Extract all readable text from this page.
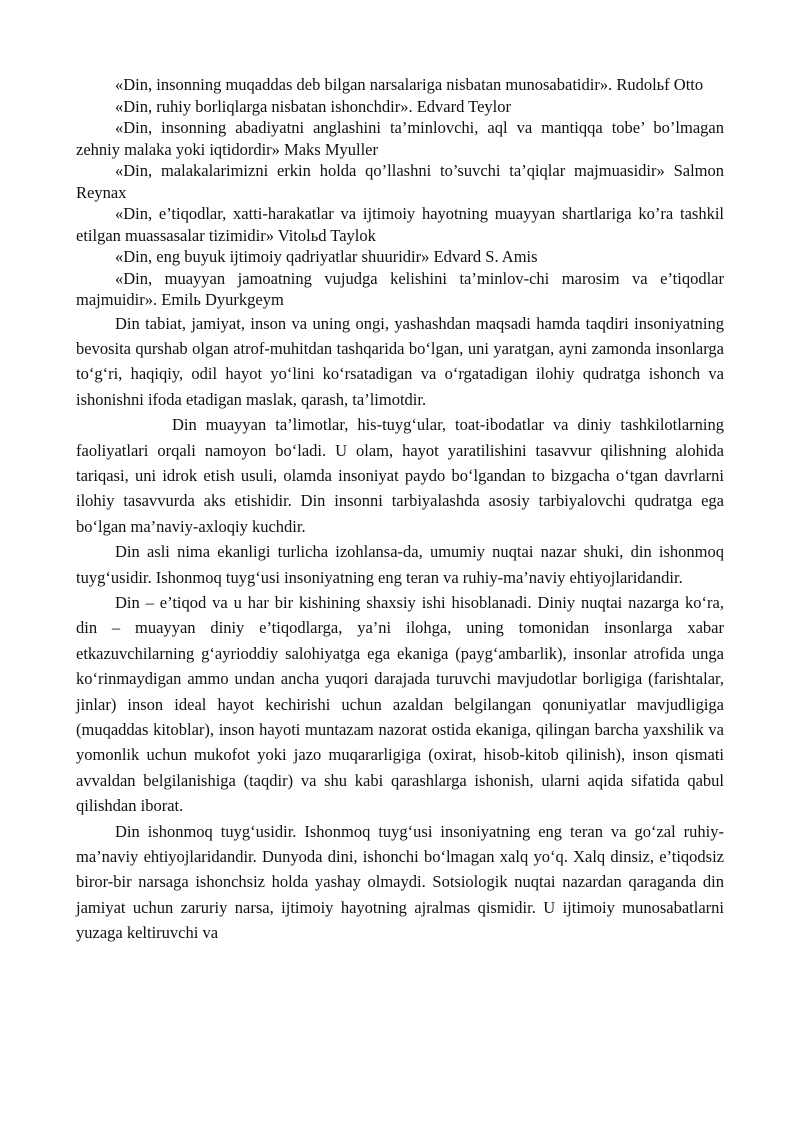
«Din, insonning muqaddas deb bilgan narsalariga nisbatan munosabatidir». Rudolьf Otto

«Din, ruhiy borliqlarga nisbatan ishonchdir». Edvard Teylor

«Din, insonning abadiyatni anglashini ta’minlovchi, aql va mantiqqa tobe’ bo’lmagan zehniy malaka yoki iqtidordir» Maks Myuller

«Din, malakalarimizni erkin holda qo’llashni to’suvchi ta’qiqlar majmuasidir» Salmon Reynax

«Din, e’tiqodlar, xatti-harakatlar va ijtimoiy hayotning muayyan shartlariga ko’ra tashkil etilgan muassasalar tizimidir» Vitolьd Taylok

«Din, eng buyuk ijtimoiy qadriyatlar shuuridir» Edvard S. Amis

«Din, muayyan jamoatning vujudga kelishini ta’minlov-chi marosim va e’tiqodlar majmuidir». Emilь Dyurkgeym

Din tabiat, jamiyat, inson va uning ongi, yashashdan maqsadi hamda taqdiri insoniyatning bevosita qurshab olgan atrof-muhitdan tashqarida bo‘lgan, uni yaratgan, ayni zamonda insonlarga to‘g‘ri, haqiqiy, odil hayot yo‘lini ko‘rsatadigan va o‘rgatadigan ilohiy qudratga ishonch va ishonishni ifoda etadigan maslak, qarash, ta’limotdir.

Din muayyan ta’limotlar, his-tuyg‘ular, toat-ibodatlar va diniy tashkilotlarning faoliyatlari orqali namoyon bo‘ladi. U olam, hayot yaratilishini tasavvur qilishning alohida tariqasi, uni idrok etish usuli, olamda insoniyat paydo bo‘lgandan to bizgacha o‘tgan davrlarni ilohiy tasavvurda aks etishidir. Din insonni tarbiyalashda asosiy tarbiyalovchi qudratga ega bo‘lgan ma’naviy-axloqiy kuchdir.

Din asli nima ekanligi turlicha izohlansa-da, umumiy nuqtai nazar shuki, din ishonmoq tuyg‘usidir. Ishonmoq tuyg‘usi insoniyatning eng teran va ruhiy-ma’naviy ehtiyojlaridandir.

Din – e’tiqod va u har bir kishining shaxsiy ishi hisoblanadi. Diniy nuqtai nazarga ko‘ra, din – muayyan diniy e’tiqodlarga, ya’ni ilohga, uning tomonidan insonlarga xabar etkazuvchilarning g‘ayrioddiy salohiyatga ega ekaniga (payg‘ambarlik), insonlar atrofida unga ko‘rinmaydigan ammo undan ancha yuqori darajada turuvchi mavjudotlar borligiga (farishtalar, jinlar) inson ideal hayot kechirishi uchun azaldan belgilangan qonuniyatlar mavjudligiga (muqaddas kitoblar), inson hayoti muntazam nazorat ostida ekaniga, qilingan barcha yaxshilik va yomonlik uchun mukofot yoki jazo muqararligiga (oxirat, hisob-kitob qilinish), inson qismati avvaldan belgilanishiga (taqdir) va shu kabi qarashlarga ishonish, ularni aqida sifatida qabul qilishdan iborat.

Din ishonmoq tuyg‘usidir. Ishonmoq tuyg‘usi insoniyatning eng teran va go‘zal ruhiy-ma’naviy ehtiyojlaridandir. Dunyoda dini, ishonchi bo‘lmagan xalq yo‘q. Xalq dinsiz, e’tiqodsiz biror-bir narsaga ishonchsiz holda yashay olmaydi. Sotsiologik nuqtai nazardan qaraganda din jamiyat uchun zaruriy narsa, ijtimoiy hayotning ajralmas qismidir. U ijtimoiy munosabatlarni yuzaga keltiruvchi va
